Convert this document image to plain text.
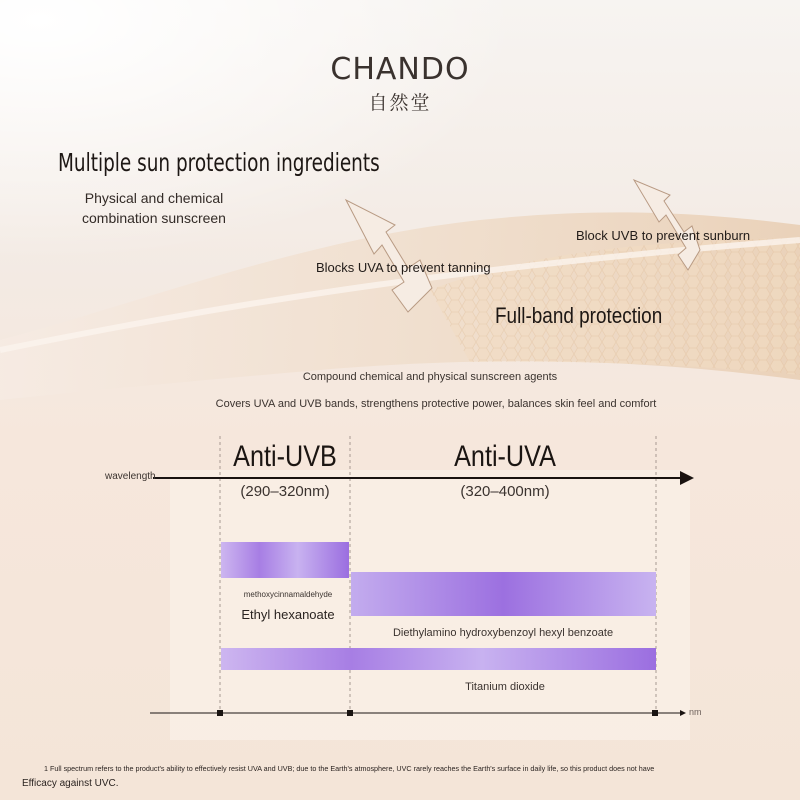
CHANDO
自然堂
Multiple sun protection ingredients
Physical and chemical
combination sunscreen
Blocks UVA to prevent tanning
Block UVB to prevent sunburn
Full-band protection
Compound chemical and physical sunscreen agents
Covers UVA and UVB bands, strengthens protective power, balances skin feel and comfort
wavelength
Anti-UVB
(290–320nm)
Anti-UVA
(320–400nm)
methoxycinnamaldehyde
Ethyl hexanoate
Diethylamino hydroxybenzoyl hexyl benzoate
Titanium dioxide
nm
1 Full spectrum refers to the product's ability to effectively resist UVA and UVB; due to the Earth's atmosphere, UVC rarely reaches the Earth's surface in daily life, so this product does not have
Efficacy against UVC.
